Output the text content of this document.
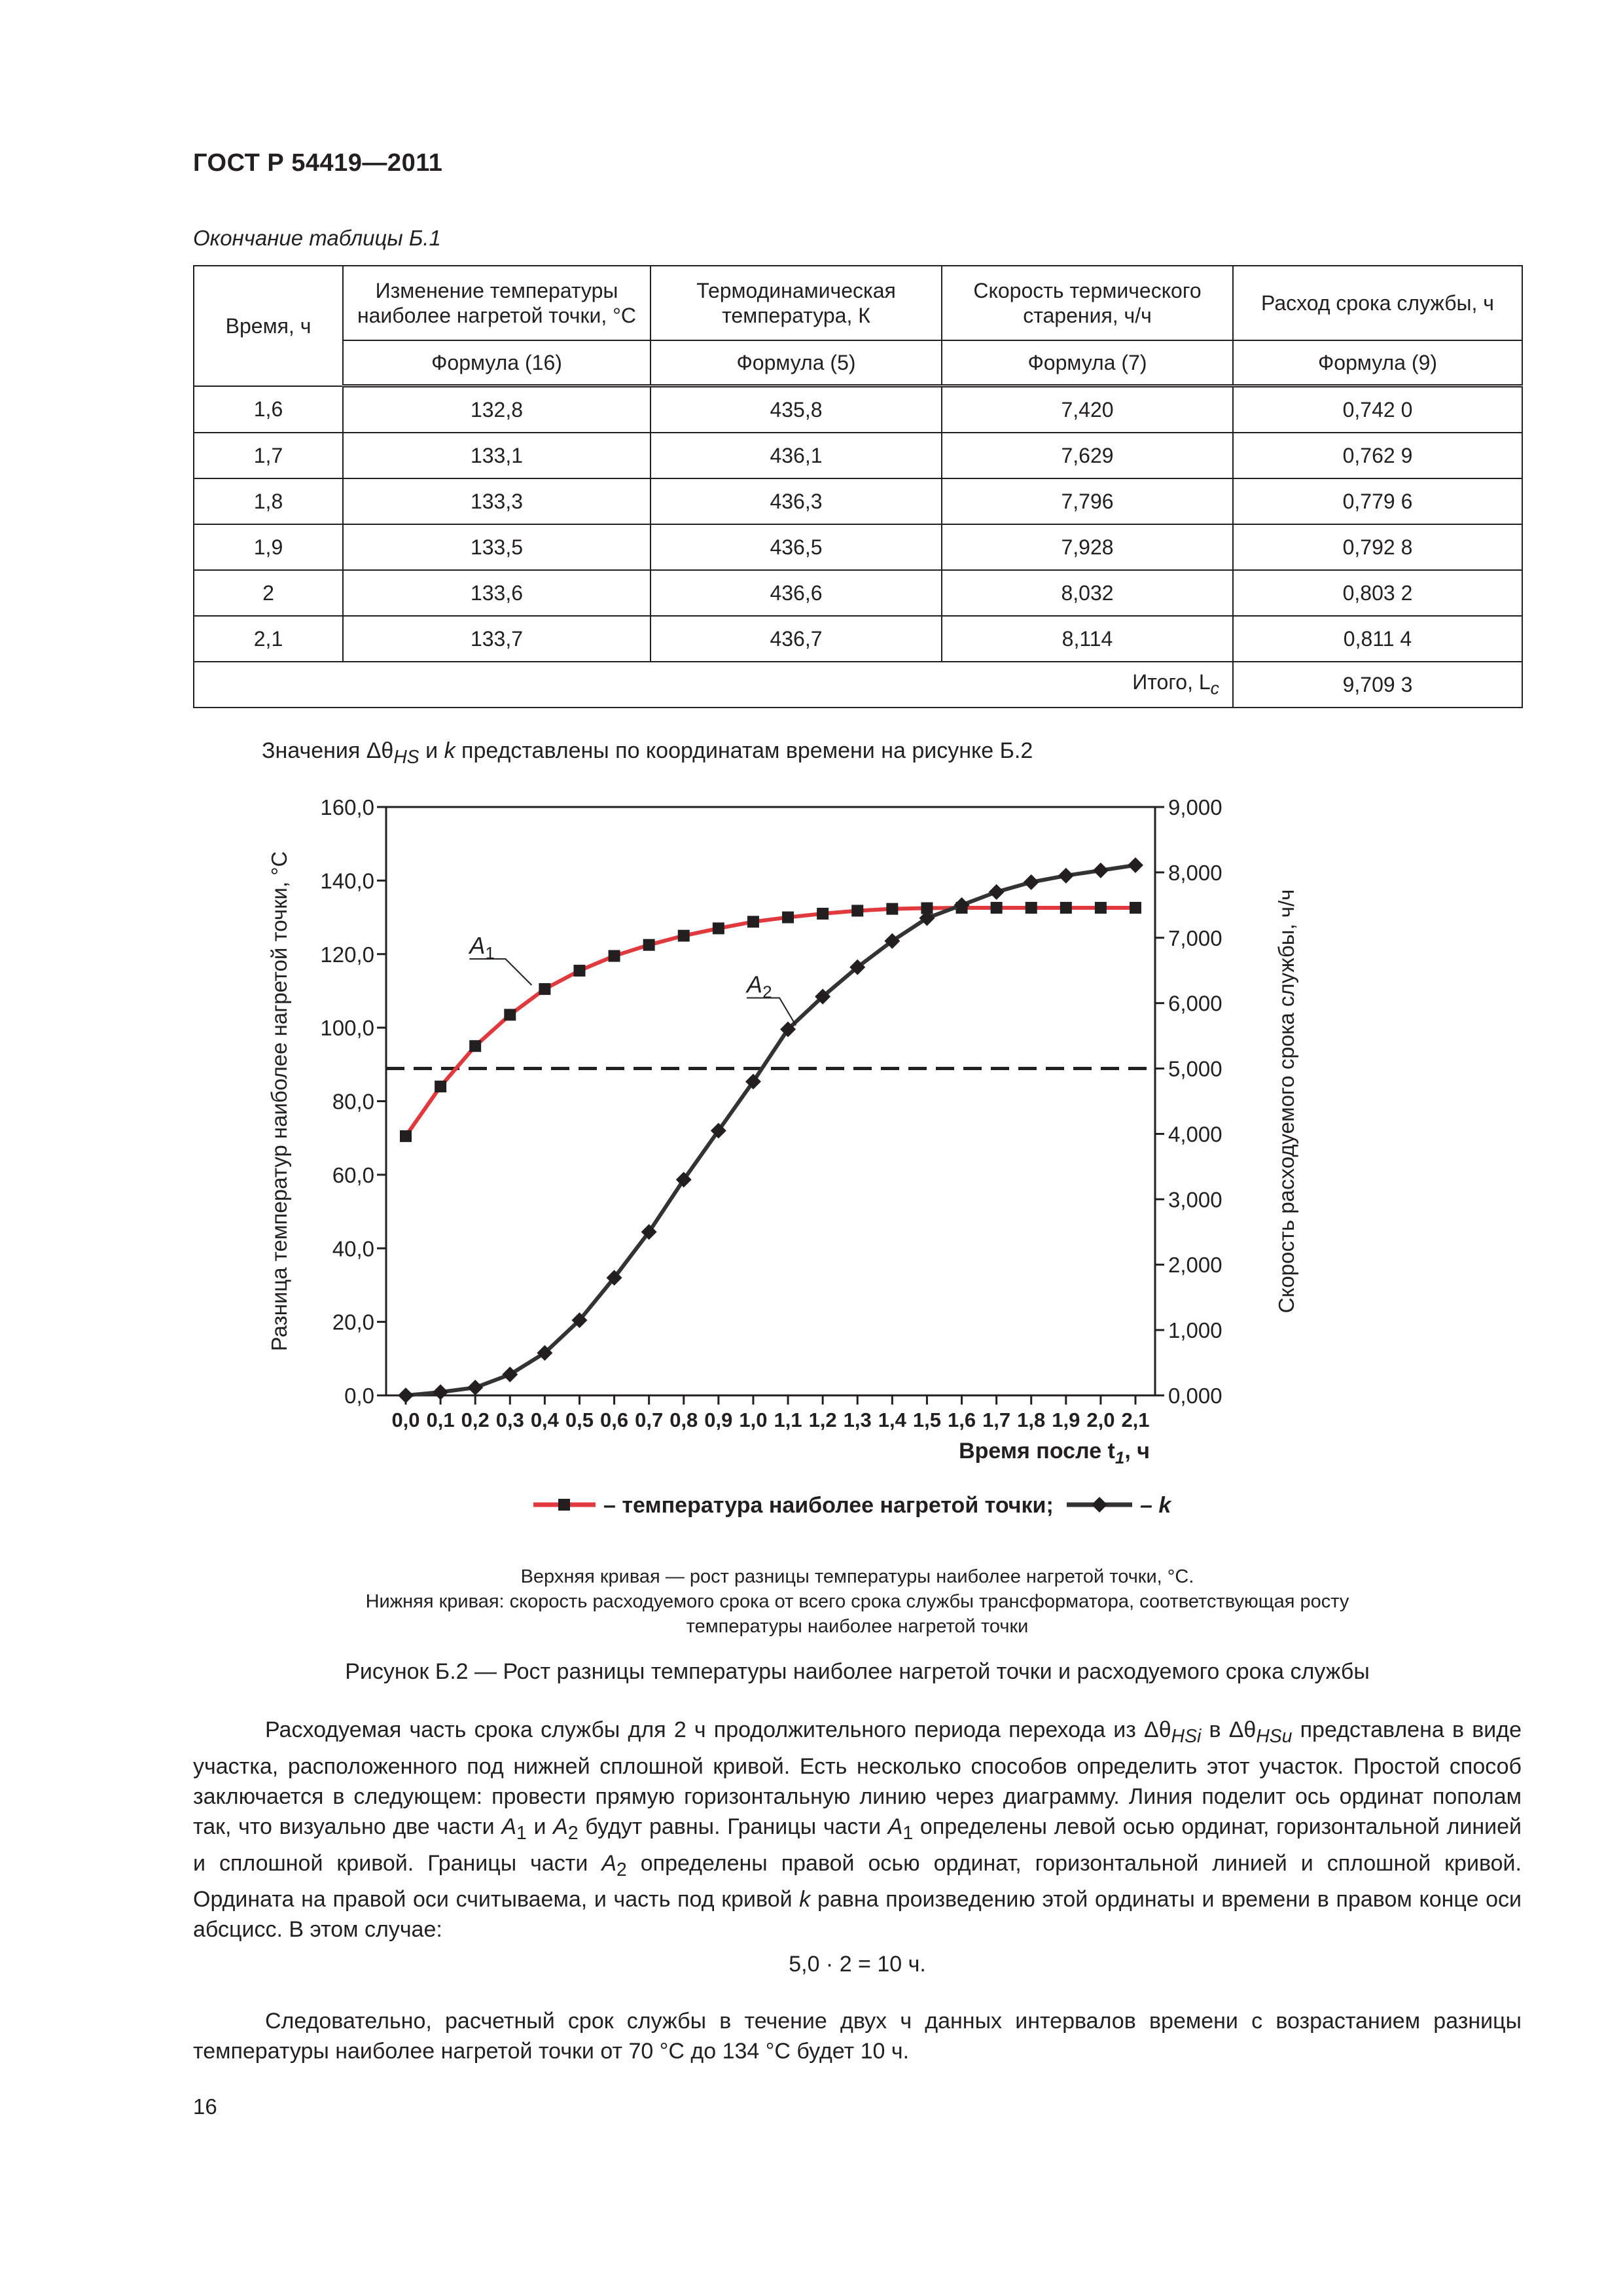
ГОСТ Р 54419—2011
Окончание таблицы Б.1
Время, ч	Изменение температуры наиболее нагретой точки, °С	Термодинамическая температура, К	Скорость термического старения, ч/ч	Расход срока службы, ч
	Формула (16)	Формула (5)	Формула (7)	Формула (9)
1,6	132,8	435,8	7,420	0,742 0
1,7	133,1	436,1	7,629	0,762 9
1,8	133,3	436,3	7,796	0,779 6
1,9	133,5	436,5	7,928	0,792 8
2	133,6	436,6	8,032	0,803 2
2,1	133,7	436,7	8,114	0,811 4
Итого, $L_c$				9,709 3
Значения $\Delta\theta_{HS}$ и k представлены по координатам времени на рисунке Б.2
0,0
20,0
40,0
60,0
80,0
100,0
120,0
140,0
160,0
0,000
1,000
2,000
3,000
4,000
5,000
6,000
7,000
8,000
9,000
0,0 0,1 0,2 0,3 0,4 0,5 0,6 0,7 0,8 0,9 1,0 1,1 1,2 1,3 1,4 1,5 1,6 1,7 1,8 1,9 2,0 2,1
Разница температур наиболее нагретой точки, °С	Скорость расходуемого срока службы, ч/ч
Время после $t_1$, ч
$A_1$
$A_2$
– температура наиболее нагретой точки;	– k
Верхняя кривая — рост разницы температуры наиболее нагретой точки, °С.
Нижняя кривая: скорость расходуемого срока от всего срока службы трансформатора, соответствующая росту
температуры наиболее нагретой точки
Рисунок Б.2 — Рост разницы температуры наиболее нагретой точки и расходуемого срока службы
Расходуемая часть срока службы для 2 ч продолжительного периода перехода из $\Delta\theta_{HSi}$ в $\Delta\theta_{HSu}$ представлена в виде участка, расположенного под нижней сплошной кривой. Есть несколько способов определить этот участок. Простой способ заключается в следующем: провести прямую горизонтальную линию через диаграмму. Линия поделит ось ординат пополам так, что визуально две части $A_1$ и $A_2$ будут равны. Границы части $A_1$ определены левой осью ординат, горизонтальной линией и сплошной кривой. Границы части $A_2$ определены правой осью ординат, горизонтальной линией и сплошной кривой. Ордината на правой оси считываема, и часть под кривой k равна произведению этой ординаты и времени в правом конце оси абсцисс. В этом случае:
5,0 · 2 = 10 ч.
Следовательно, расчетный срок службы в течение двух ч данных интервалов времени с возрастанием разницы температуры наиболее нагретой точки от 70 °С до 134 °С будет 10 ч.
16
